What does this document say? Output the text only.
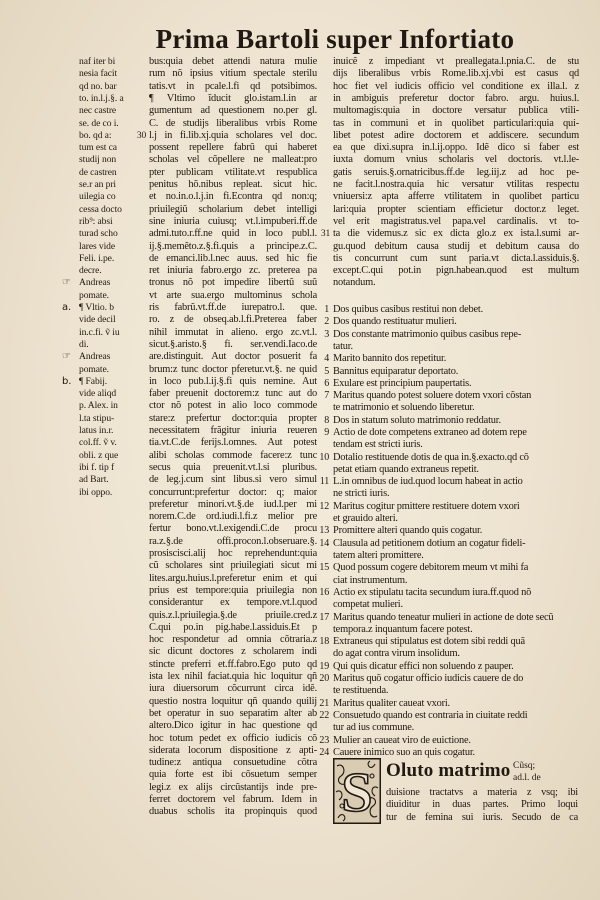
Prima Bartoli super Infortiato
naf iter bi
nesia facit
qd no. bar
to. in.l.j.§. a
nec castre
se. de co i.
bo. qd a:
tum est ca
studij non
de castren
se.r an pri
uilegia co
cessa docto
rib⁹: absi
turad scho
lares vide
Feli. i.pe.
decre.
☞ Andreas
pomate.
a. ¶ Vltio. b
vide decil
in.c.fi. ṽ iu
di.
☞ Andreas
pomate.
b. ¶ Fabij.
vide aliqd
p. Alex. in
l.ta stipu-
latus in.r.
col.ff. ṽ v.
obli. z que
ibi f. tip f
ad Bart.
ibi oppo.
bus:quia debet attendi natura mulie
rum nõ ipsius vitium spectale sterilu
tatis.vt in pcale.l.fi qd potsibimos.
¶ Vltimo ĩducit glo.istam.l.in ar
gumentum ad questionem no.per gl.
C. de studijs liberalibus vrbis Rome
30 l.j in fi.lib.xj.quia scholares vel doc.
possent repellere fabrũ qui haberet
scholas vel cõpellere ne malleat:pro
pter publicam vtilitate.vt respublica
penitus hõ.nibus repleat. sicut hic.
et no.in.o.l.j.in fi.Econtra qd non:q;
priuilegiũ scholarium debet intelligi
sine iniuria cuiusq; vt.l.impuberi.ff.de
admi.tuto.r.ff.ne quid in loco publ.l.
ij.§.memẽto.z.§.fi.quis a principe.z.C.
de emanci.lib.l.nec auus. sed hic fie
ret iniuria fabro.ergo zc. preterea pa
tronus nõ pot impedire libertũ suũ
vt arte sua.ergo multominus schola
ris fabrũ.vt.ff.de iurepatro.l. que.
ro. z de obseq.ab.l.fi.Preterea faber
nihil immutat in alieno. ergo zc.vt.l.
sicut.§.aristo.§ fi. ser.vendi.Iaco.de
are.distinguit. Aut doctor posuerit fa
brum:z tunc doctor pferetur.vt.§. ne quid
in loco pub.l.ij.§.fi quis nemine. Aut
faber preuenit doctorem:z tunc aut do
ctor nõ potest in alio loco commode
stare:z prefertur doctor:quia propter
necessitatem frãgitur iniuria reueren
tia.vt.C.de ferijs.l.omnes. Aut potest
alibi scholas commode facere:z tunc
secus quia preuenit.vt.l.si pluribus.
de leg.j.cum sint libus.si vero simul
concurrunt:prefertur doctor: q; maior
preferetur minori.vt.§.de iud.l.per mi
norem.C.de ord.iudi.l.fi.z melior pre
fertur bono.vt.l.exigendi.C.de procu
ra.z.§.de offi.procon.l.obseruare.§.
prosiscisci.alij hoc reprehendunt:quia
cũ scholares sint priuilegiati sicut mi
lites.argu.huius.l.preferetur enim et qui
prius est tempore:quia priuilegia non
considerantur ex tempore.vt.l.quod
quis.z.l.priuilegia.§.de priuile.cred.z
C.qui po.in pig.habe.l.assiduis.Et p
hoc respondetur ad omnia cõtraria.z
sic dicunt doctores z scholarem indi
stincte preferri et.ff.fabro.Ego puto qd
ista lex nihil faciat.quia hic loquitur qñ
iura diuersorum cõcurrunt circa idẽ.
questio nostra loquitur qñ quando quilij
bet operatur in suo separatim alter ab
altero.Dico igitur in hac questione qd
hoc totum pedet ex officio iudicis cõ
siderata locorum dispositione z apti-
tudine:z antiqua consuetudine cõtra
quia forte est ibi cõsuetum semper
legi.z ex alijs circũstantijs inde pre-
ferret doctorem vel fabrum. Idem in
duabus scholis ita propinquis quod
inuicẽ z impediant vt preallegata.l.pnia.C. de stu
dijs liberalibus vrbis Rome.lib.xj.vbi est casus qd
hoc fiet vel iudicis officio vel conditione ex illa.l. z
in ambiguis preferetur doctor fabro. argu. huius.l.
multomagis:quia in doctore versatur publica vtili-
tas in communi et in quolibet particulari:quia qui-
libet potest adire doctorem et addiscere. secundum
ea que dixi.supra in.l.ij.oppo. Idẽ dico si faber est
iuxta domum vnius scholaris vel doctoris. vt.l.le-
gatis seruis.§.ornatricibus.ff.de leg.iij.z ad hoc pe-
ne facit.l.nostra.quia hic versatur vtilitas respectu
vniuersi:z apta afferre vtilitatem in quolibet particu
lari:quia propter scientiam efficietur doctor.z leget.
vel erit magistratus.vel papa.vel cardinalis. vt to-
31 ta die videmus.z sic ex dicta glo.z ex ista.l.sumi ar-
gu.quod debitum causa studij et debitum causa do
tis concurrunt cum sunt paria.vt dicta.l.assiduis.§.
except.C.qui pot.in pign.habean.quod est multum
notandum.
1 Dos quibus casibus restitui non debet.
2 Dos quando restituatur mulieri.
3 Dos constante matrimonio quibus casibus repe-
tatur.
4 Marito bannito dos repetitur.
5 Bannitus equiparatur deportato.
6 Exulare est principium paupertatis.
7 Maritus quando potest soluere dotem vxori cõstan
te matrimonio et soluendo liberetur.
8 Dos in statum soluto matrimonio reddatur.
9 Actio de dote competens extraneo ad dotem repe
tendam est stricti iuris.
10 Dotalio restituende dotis de qua in.§.exacto.qd cõ
petat etiam quando extraneus repetit.
11 L.in omnibus de iud.quod locum habeat in actio
ne stricti iuris.
12 Maritus cogitur pmittere restituere dotem vxori
et grauido alteri.
13 Promittere alteri quando quis cogatur.
14 Clausula ad petitionem dotium an cogatur fideli-
tatem alteri promittere.
15 Quod possum cogere debitorem meum vt mihi fa
ciat instrumentum.
16 Actio ex stipulatu tacita secundum iura.ff.quod nõ
competat mulieri.
17 Maritus quando teneatur mulieri in actione de dote secũ
tempora.z inquantum facere potest.
18 Extraneus qui stipulatus est dotem sibi reddi quã
do agat contra virum insolidum.
19 Qui quis dicatur effici non soluendo z pauper.
20 Maritus quõ cogatur officio iudicis cauere de do
te restituenda.
21 Maritus qualiter caueat vxori.
22 Consuetudo quando est contraria in ciuitate reddi
tur ad ius commune.
23 Mulier an caueat viro de euictione.
24 Cauere inimico suo an quis cogatur.
S Oluto matrimo Cũsq;
ad.l. de
duisione tractatvs a materia z vsq; ibi
diuiditur in duas partes. Primo loqui
tur de femina sui iuris. Secudo de ca
